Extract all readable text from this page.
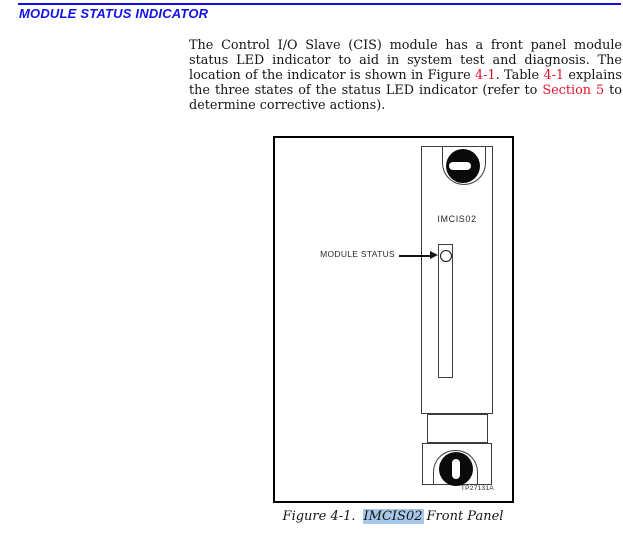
MODULE STATUS INDICATOR

The Control I/O Slave (CIS) module has a front panel module status LED indicator to aid in system test and diagnosis. The location of the indicator is shown in Figure 4-1. Table 4-1 explains the three states of the status LED indicator (refer to Section 5 to determine corrective actions).

IMCIS02
MODULE STATUS
TP27131A
Figure 4-1. IMCIS02 Front Panel
